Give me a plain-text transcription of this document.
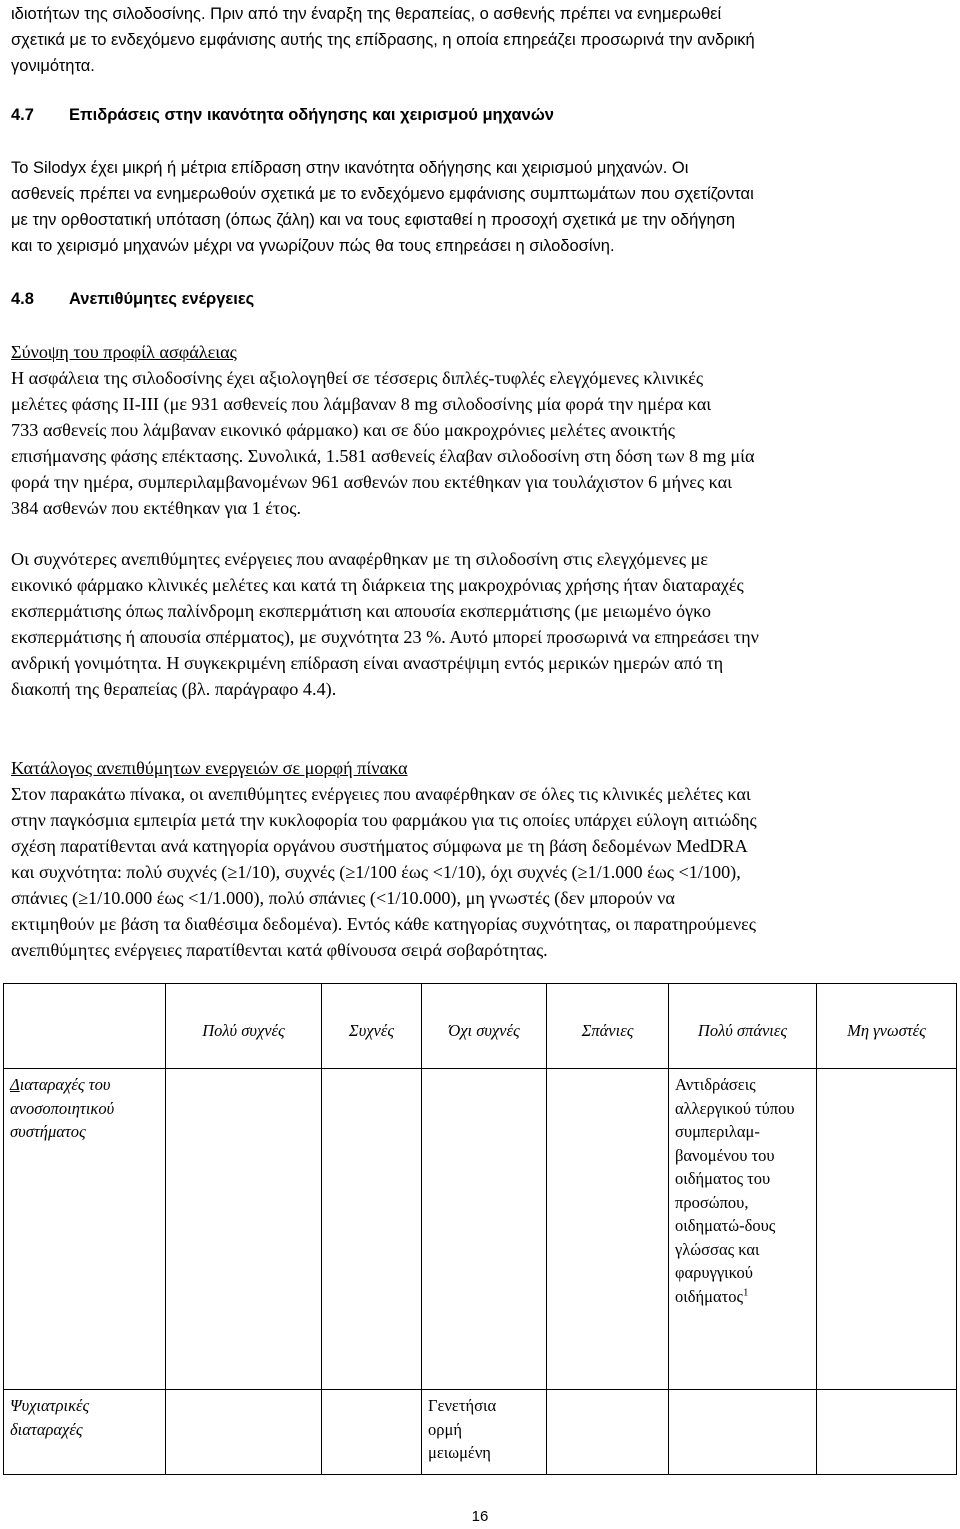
ιδιοτήτων της σιλοδοσίνης. Πριν από την έναρξη της θεραπείας, ο ασθενής πρέπει να ενημερωθεί

σχετικά με το ενδεχόμενο εμφάνισης αυτής της επίδρασης, η οποία επηρεάζει προσωρινά την ανδρική

γονιμότητα.

4.7 Επιδράσεις στην ικανότητα οδήγησης και χειρισμού μηχανών

Το Silodyx έχει μικρή ή μέτρια επίδραση στην ικανότητα οδήγησης και χειρισμού μηχανών. Οι

ασθενείς πρέπει να ενημερωθούν σχετικά με το ενδεχόμενο εμφάνισης συμπτωμάτων που σχετίζονται

με την ορθοστατική υπόταση (όπως ζάλη) και να τους εφισταθεί η προσοχή σχετικά με την οδήγηση

και το χειρισμό μηχανών μέχρι να γνωρίζουν πώς θα τους επηρεάσει η σιλοδοσίνη.

4.8 Ανεπιθύμητες ενέργειες

Σύνοψη του προφίλ ασφάλειας

Η ασφάλεια της σιλοδοσίνης έχει αξιολογηθεί σε τέσσερις διπλές-τυφλές ελεγχόμενες κλινικές

μελέτες φάσης II-III (με 931 ασθενείς που λάμβαναν 8 mg σιλοδοσίνης μία φορά την ημέρα και

733 ασθενείς που λάμβαναν εικονικό φάρμακο) και σε δύο μακροχρόνιες μελέτες ανοικτής

επισήμανσης φάσης επέκτασης. Συνολικά, 1.581 ασθενείς έλαβαν σιλοδοσίνη στη δόση των 8 mg μία

φορά την ημέρα, συμπεριλαμβανομένων 961 ασθενών που εκτέθηκαν για τουλάχιστον 6 μήνες και

384 ασθενών που εκτέθηκαν για 1 έτος.

Οι συχνότερες ανεπιθύμητες ενέργειες που αναφέρθηκαν με τη σιλοδοσίνη στις ελεγχόμενες με

εικονικό φάρμακο κλινικές μελέτες και κατά τη διάρκεια της μακροχρόνιας χρήσης ήταν διαταραχές

εκσπερμάτισης όπως παλίνδρομη εκσπερμάτιση και απουσία εκσπερμάτισης (με μειωμένο όγκο

εκσπερμάτισης ή απουσία σπέρματος), με συχνότητα 23 %. Αυτό μπορεί προσωρινά να επηρεάσει την

ανδρική γονιμότητα. Η συγκεκριμένη επίδραση είναι αναστρέψιμη εντός μερικών ημερών από τη

διακοπή της θεραπείας (βλ. παράγραφο 4.4).

Κατάλογος ανεπιθύμητων ενεργειών σε μορφή πίνακα

Στον παρακάτω πίνακα, οι ανεπιθύμητες ενέργειες που αναφέρθηκαν σε όλες τις κλινικές μελέτες και

στην παγκόσμια εμπειρία μετά την κυκλοφορία του φαρμάκου για τις οποίες υπάρχει εύλογη αιτιώδης

σχέση παρατίθενται ανά κατηγορία οργάνου συστήματος σύμφωνα με τη βάση δεδομένων MedDRA

και συχνότητα: πολύ συχνές (≥1/10), συχνές (≥1/100 έως <1/10), όχι συχνές (≥1/1.000 έως <1/100),

σπάνιες (≥1/10.000 έως <1/1.000), πολύ σπάνιες (<1/10.000), μη γνωστές (δεν μπορούν να

εκτιμηθούν με βάση τα διαθέσιμα δεδομένα). Εντός κάθε κατηγορίας συχνότητας, οι παρατηρούμενες

ανεπιθύμητες ενέργειες παρατίθενται κατά φθίνουσα σειρά σοβαρότητας.

	Πολύ συχνές	Συχνές	Όχι συχνές	Σπάνιες	Πολύ σπάνιες	Μη γνωστές
Διαταραχές του ανοσοποιητικού συστήματος					Αντιδράσεις αλλεργικού τύπου συμπεριλαμ-βανομένου του οιδήματος του προσώπου, οιδηματώ-δους γλώσσας και φαρυγγικού οιδήματος$^1$	
Ψυχιατρικές διαταραχές			Γενετήσια ορμή μειωμένη			
16
